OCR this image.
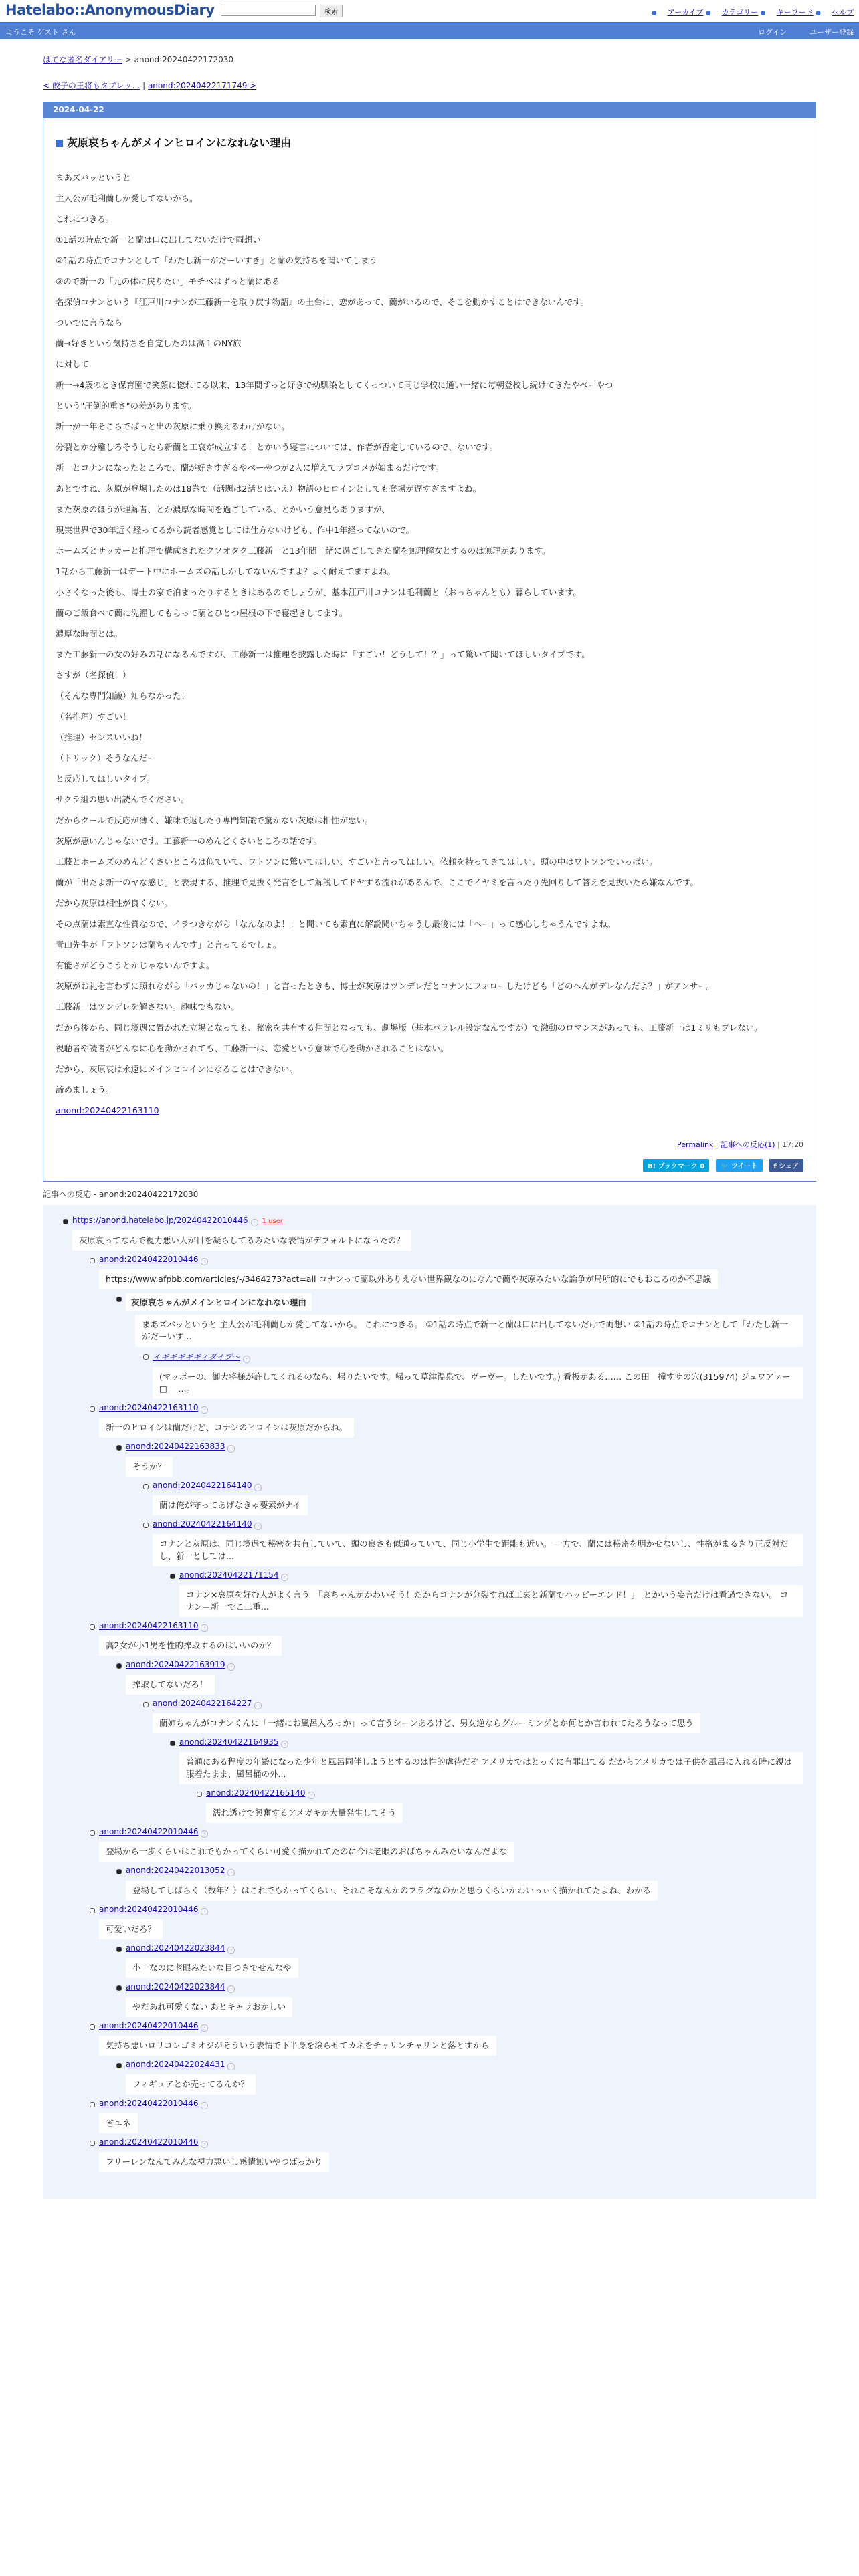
Hatelabo::AnonymousDiary	検索	● アーカイブ ● カテゴリー ● キーワード ● ヘルプ
ようこそ ゲスト さん	ログイン	ユーザー登録
はてな匿名ダイアリー > anond:20240422172030
< 餃子の王将もタブレッ… | anond:20240422171749 >
2024-04-22
灰原哀ちゃんがメインヒロインになれない理由

まあズバッというと

主人公が毛利蘭しか愛してないから。

これにつきる。

①1話の時点で新一と蘭は口に出してないだけで両想い

②1話の時点でコナンとして「わたし新一がだーいすき」と蘭の気持ちを聞いてしまう

③ので新一の「元の体に戻りたい」モチベはずっと蘭にある

名探偵コナンという『江戸川コナンが工藤新一を取り戻す物語』の土台に、恋があって、蘭がいるので、そこを動かすことはできないんです。

ついでに言うなら

蘭→好きという気持ちを自覚したのは高１のNY旅

に対して

新一→4歳のとき保育園で笑顔に惚れてる以来、13年間ずっと好きで幼馴染としてくっついて同じ学校に通い一緒に毎朝登校し続けてきたやべーやつ

という"圧倒的重さ"の差があります。

新一が一年そこらでぱっと出の灰原に乗り換えるわけがない。

分裂とか分離しろそうしたら新蘭と工哀が成立する！とかいう寝言については、作者が否定しているので、ないです。

新一とコナンになったところで、蘭が好きすぎるやべーやつが2人に増えてラブコメが始まるだけです。

あとですね、灰原が登場したのは18巻で（話題は2話とはいえ）物語のヒロインとしても登場が遅すぎますよね。

また灰原のほうが理解者、とか濃厚な時間を過ごしている、とかいう意見もありますが、

現実世界で30年近く経ってるから読者感覚としては仕方ないけども、作中1年経ってないので。

ホームズとサッカーと推理で構成されたクソオタク工藤新一と13年間一緒に過ごしてきた蘭を無理解女とするのは無理があります。

1話から工藤新一はデート中にホームズの話しかしてないんですよ？よく耐えてますよね。

小さくなった後も、博士の家で泊まったりするときはあるのでしょうが、基本江戸川コナンは毛利蘭と（おっちゃんとも）暮らしています。

蘭のご飯食べて蘭に洗濯してもらって蘭とひとつ屋根の下で寝起きしてます。

濃厚な時間とは。

また工藤新一の女の好みの話になるんですが、工藤新一は推理を披露した時に「すごい！どうして！？」って驚いて聞いてほしいタイプです。

さすが（名探偵！）

（そんな専門知識）知らなかった！

（名推理）すごい！

（推理）センスいいね！

（トリック）そうなんだー

と反応してほしいタイプ。

サクラ組の思い出読んでください。

だからクールで反応が薄く、嫌味で返したり専門知識で驚かない灰原は相性が悪い。

灰原が悪いんじゃないです。工藤新一のめんどくさいところの話です。

工藤とホームズのめんどくさいところは似ていて、ワトソンに驚いてほしい、すごいと言ってほしい。依頼を持ってきてほしい、頭の中はワトソンでいっぱい。

蘭が「出たよ新一のヤな感じ」と表現する、推理で見抜く発言をして解説してドヤする流れがあるんで、ここでイヤミを言ったり先回りして答えを見抜いたら嫌なんです。

だから灰原は相性が良くない。

その点蘭は素直な性質なので、イラつきながら「なんなのよ！」と聞いても素直に解説聞いちゃうし最後には「へー」って感心しちゃうんですよね。

青山先生が「ワトソンは蘭ちゃんです」と言ってるでしょ。

有能さがどうこうとかじゃないんですよ。

灰原がお礼を言わずに照れながら「バッカじゃないの！」と言ったときも、博士が灰原はツンデレだとコナンにフォローしたけども「どのへんがデレなんだよ？」がアンサー。

工藤新一はツンデレを解さない。趣味でもない。

だから後から、同じ境遇に置かれた立場となっても、秘密を共有する仲間となっても、劇場版（基本パラレル設定なんですが）で激動のロマンスがあっても、工藤新一は1ミリもブレない。

視聴者や読者がどんなに心を動かされても、工藤新一は、恋愛という意味で心を動かされることはない。

だから、灰原哀は永遠にメインヒロインになることはできない。

諦めましょう。

anond:20240422163110

Permalink | 記事への反応(1) | 17:20
B! ブックマーク 0 🐦 ツイート f シェア
記事への反応 - anond:20240422172030
https://anond.hatelabo.jp/20240422010446 - 1 user
灰原哀ってなんで視力悪い人が目を凝らしてるみたいな表情がデフォルトになったの？
anond:20240422010446 -
https://www.afpbb.com/articles/-/3464273?act=all コナンって蘭以外ありえない世界観なのになんで蘭や灰原みたいな論争が局所的にでもおこるのか不思議
灰原哀ちゃんがメインヒロインになれない理由
まあズバッというと 主人公が毛利蘭しか愛してないから。 これにつきる。 ①1話の時点で新一と蘭は口に出してないだけで両想い ②1話の時点でコナンとして「わたし新一がだーいす...
イギギギギギィダイブ〜 -
(マッポーの、御大将様が許してくれるのなら、帰りたいです。帰って草津温泉で、ヴーヴー。したいです。) 看板がある…… この田　撞すサの穴(315974) ジュワアァー□ 　…。
anond:20240422163110 -
新一のヒロインは蘭だけど、コナンのヒロインは灰原だからね。
anond:20240422163833 -
そうか？
anond:20240422164140 -
蘭は俺が守ってあげなきゃ要素がナイ
anond:20240422164140 -
コナンと灰原は、同じ境遇で秘密を共有していて、頭の良さも似通っていて、同じ小学生で距離も近い。 一方で、蘭には秘密を明かせないし、性格がまるきり正反対だし、新一としては...
anond:20240422171154 -
コナン×哀原を好む人がよく言う　「哀ちゃんがかわいそう！だからコナンが分裂すれば工哀と新蘭でハッピーエンド！」　とかいう妄言だけは看過できない。 コナン＝新一でこ二重...
anond:20240422163110 -
高2女が小1男を性的搾取するのはいいのか？
anond:20240422163919 -
搾取してないだろ！
anond:20240422164227 -
蘭姉ちゃんがコナンくんに「一緒にお風呂入ろっか」って言うシーンあるけど、男女逆ならグルーミングとか何とか言われてたろうなって思う
anond:20240422164935 -
普通にある程度の年齢になった少年と風呂同伴しようとするのは性的虐待だぞ アメリカではとっくに有罪出てる だからアメリカでは子供を風呂に入れる時に親は服着たまま、風呂桶の外...
anond:20240422165140 -
濡れ透けで興奮するアメガキが大量発生してそう
anond:20240422010446 -
登場から一歩くらいはこれでもかってくらい可愛く描かれてたのに今は老眼のおばちゃんみたいなんだよな
anond:20240422013052 -
登場してしばらく（数年？）はこれでもかってくらい、それこそなんかのフラグなのかと思うくらいかわいっぃく描かれてたよね、わかる
anond:20240422010446 -
可愛いだろ？
anond:20240422023844 -
小一なのに老眼みたいな目つきでせんなや
anond:20240422023844 -
やだあれ可愛くない あとキャラおかしい
anond:20240422010446 -
気持ち悪いロリコンゴミオジがそういう表情で下半身を滾らせてカネをチャリンチャリンと落とすから
anond:20240422024431 -
フィギュアとか売ってるんか？
anond:20240422010446 -
省エネ
anond:20240422010446 -
フリーレンなんてみんな視力悪いし感情無いやつばっかり
